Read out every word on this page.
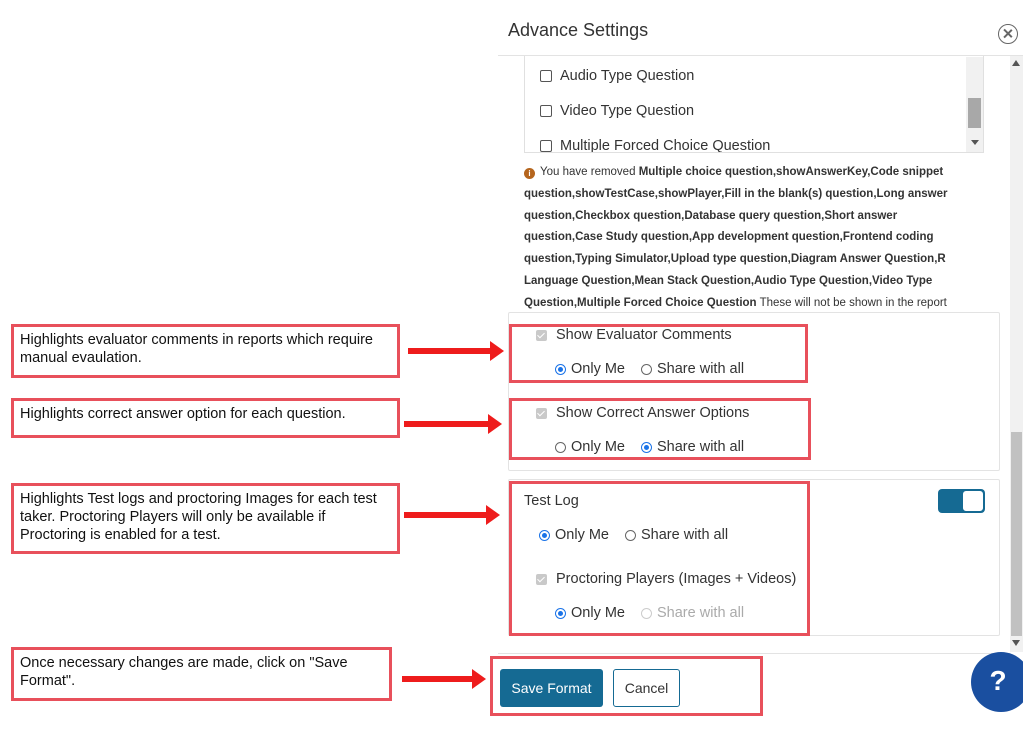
Advance Settings
Audio Type Question
Video Type Question
Multiple Forced Choice Question
i You have removed Multiple choice question,showAnswerKey,Code snippet question,showTestCase,showPlayer,Fill in the blank(s) question,Long answer question,Checkbox question,Database query question,Short answer question,Case Study question,App development question,Frontend coding question,Typing Simulator,Upload type question,Diagram Answer Question,R Language Question,Mean Stack Question,Audio Type Question,Video Type Question,Multiple Forced Choice Question These will not be shown in the report
Show Evaluator Comments
Only Me Share with all
Show Correct Answer Options
Only Me Share with all
Test Log
Only Me Share with all
Proctoring Players (Images + Videos)
Only Me Share with all
Save Format	Cancel	?
Highlights evaluator comments in reports which require manual evaulation.
Highlights correct answer option for each question.
Highlights Test logs and proctoring Images for each test taker. Proctoring Players will only be available if Proctoring is enabled for a test.
Once necessary changes are made, click on "Save Format".
